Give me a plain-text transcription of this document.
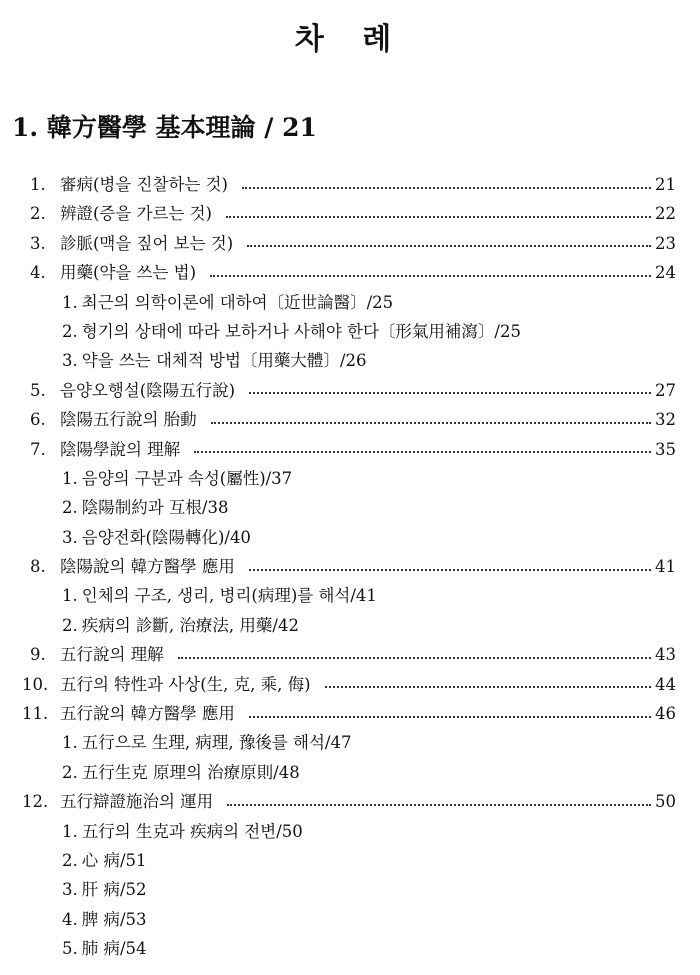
차 례
1. 韓方醫學 基本理論 / 21
1. 審病(병을 진찰하는 것)	21
2. 辨證(증을 가르는 것)	22
3. 診脈(맥을 짚어 보는 것)	23
4. 用藥(약을 쓰는 법)	24
1. 최근의 의학이론에 대하여〔近世論醫〕/25
2. 형기의 상태에 따라 보하거나 사해야 한다〔形氣用補瀉〕/25
3. 약을 쓰는 대체적 방법〔用藥大體〕/26
5. 음양오행설(陰陽五行說)	27
6. 陰陽五行說의 胎動	32
7. 陰陽學說의 理解	35
1. 음양의 구분과 속성(屬性)/37
2. 陰陽制約과 互根/38
3. 음양전화(陰陽轉化)/40
8. 陰陽說의 韓方醫學 應用	41
1. 인체의 구조, 생리, 병리(病理)를 해석/41
2. 疾病의 診斷, 治療法, 用藥/42
9. 五行說의 理解	43
10. 五行의 特性과 사상(生, 克, 乘, 侮)	44
11. 五行說의 韓方醫學 應用	46
1. 五行으로 生理, 病理, 豫後를 해석/47
2. 五行生克 原理의 治療原則/48
12. 五行辯證施治의 運用	50
1. 五行의 生克과 疾病의 전변/50
2. 心 病/51
3. 肝 病/52
4. 脾 病/53
5. 肺 病/54
